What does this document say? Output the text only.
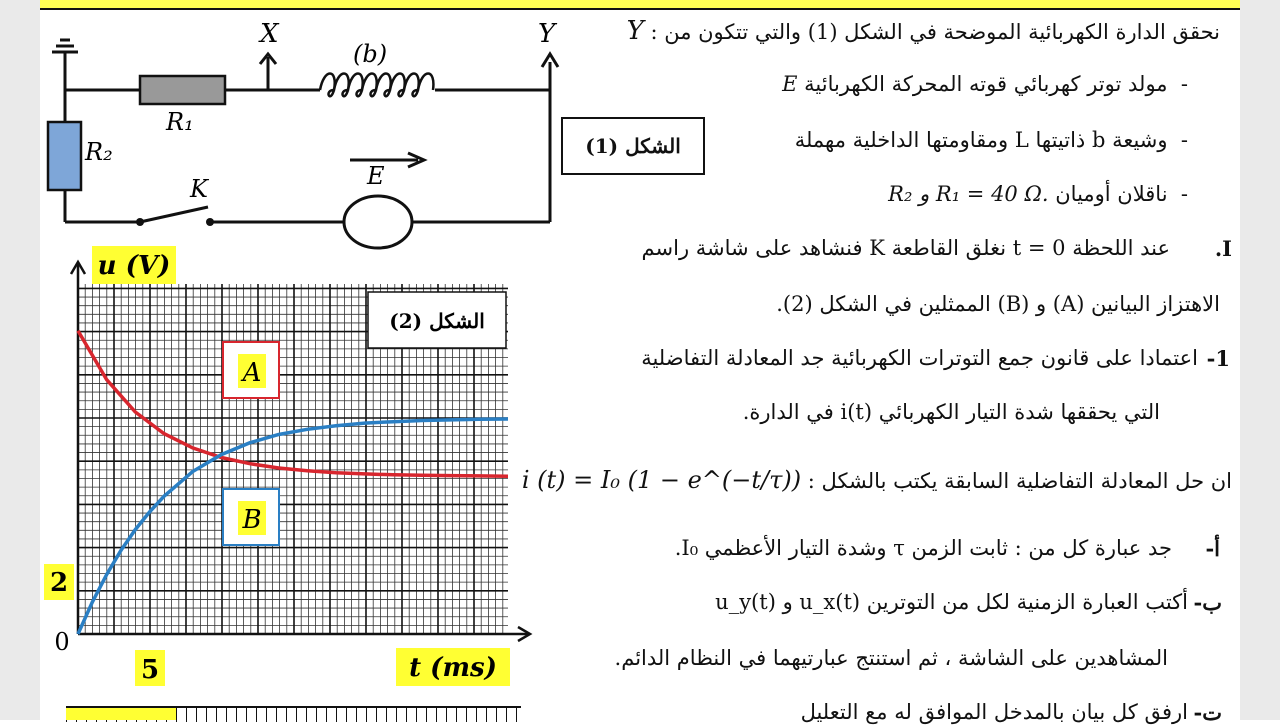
X	Y
(b)
R₁
R₂
K	E
الشكل (1)
نحقق الدارة الكهربائية الموضحة في الشكل (1) والتي تتكون من : Y
-  مولد توتر كهربائي قوته المحركة الكهربائية E
-  وشيعة b ذاتيتها L ومقاومتها الداخلية مهملة
-  ناقلان أوميان R₂ و R₁ = 40 Ω.
I.
عند اللحظة t = 0 نغلق القاطعة K فنشاهد على شاشة راسم
الاهتزاز البيانين (A) و (B) الممثلين في الشكل (2).
1-
اعتمادا على قانون جمع التوترات الكهربائية جد المعادلة التفاضلية
التي يحققها شدة التيار الكهربائي i(t) في الدارة.
ان حل المعادلة التفاضلية السابقة يكتب بالشكل : i (t) = I₀ (1 − e^(−t/τ))
أ-
جد عبارة كل من : ثابت الزمن τ وشدة التيار الأعظمي I₀.
ب-
أكتب العبارة الزمنية لكل من التوترين u_x(t) و u_y(t)
المشاهدين على الشاشة ، ثم استنتج عبارتيهما في النظام الدائم.
ت-
ارفق كل بيان بالمدخل الموافق له مع التعليل
الشكل (2)
A
B
u (V)
t (ms)
2
5
0
